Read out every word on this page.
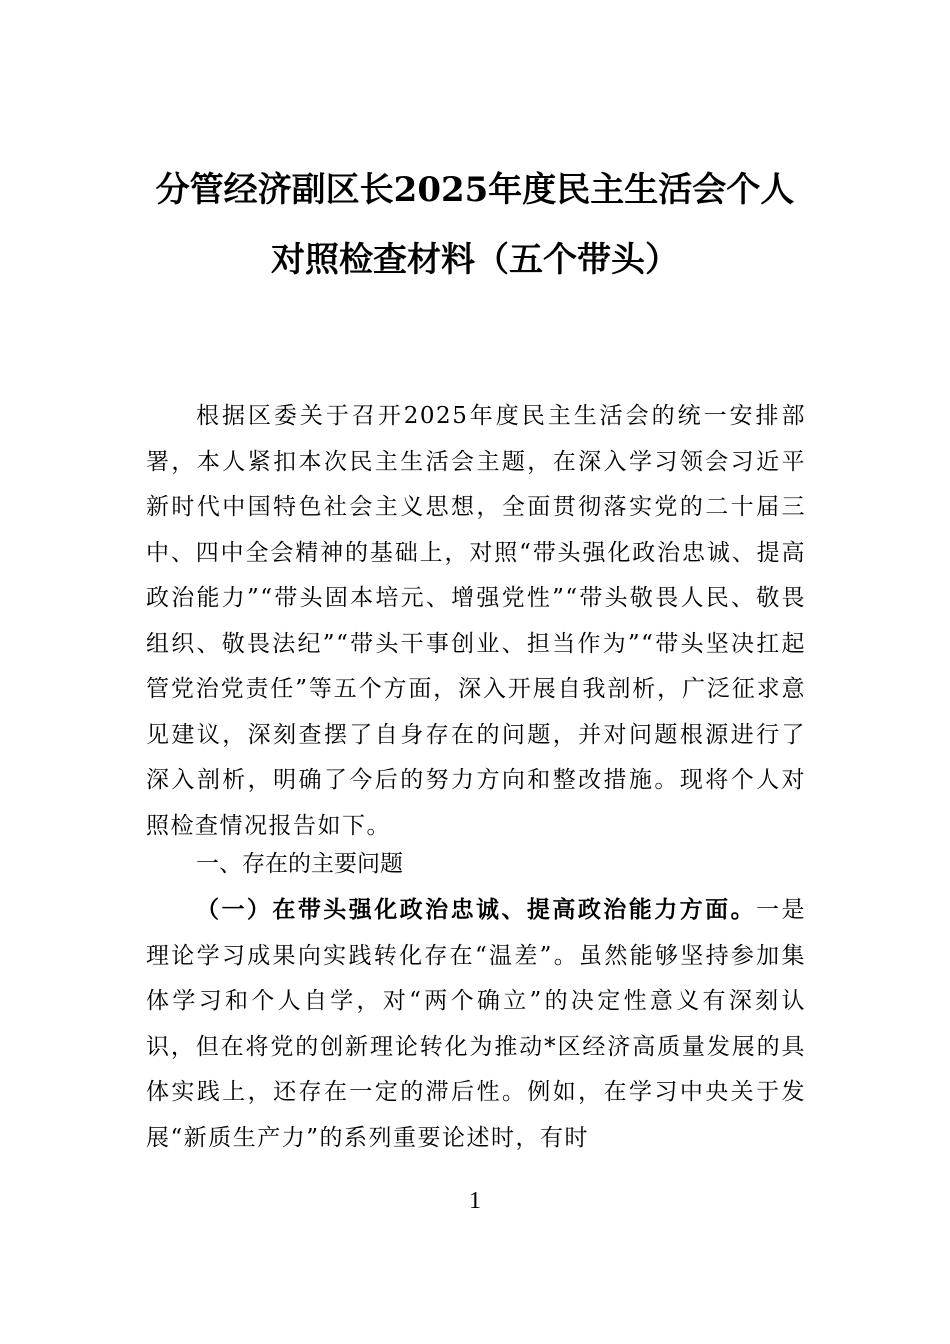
分管经济副区长2025年度民主生活会个人
对照检查材料（五个带头）

根据区委关于召开2025年度民主生活会的统一安排部署，本人紧扣本次民主生活会主题，在深入学习领会习近平新时代中国特色社会主义思想，全面贯彻落实党的二十届三中、四中全会精神的基础上，对照“带头强化政治忠诚、提高政治能力”“带头固本培元、增强党性”“带头敬畏人民、敬畏组织、敬畏法纪”“带头干事创业、担当作为”“带头坚决扛起管党治党责任”等五个方面，深入开展自我剖析，广泛征求意见建议，深刻查摆了自身存在的问题，并对问题根源进行了深入剖析，明确了今后的努力方向和整改措施。现将个人对照检查情况报告如下。

一、存在的主要问题

（一）在带头强化政治忠诚、提高政治能力方面。一是理论学习成果向实践转化存在“温差”。虽然能够坚持参加集体学习和个人自学，对“两个确立”的决定性意义有深刻认识，但在将党的创新理论转化为推动*区经济高质量发展的具体实践上，还存在一定的滞后性。例如，在学习中央关于发展“新质生产力”的系列重要论述时，有时

1
